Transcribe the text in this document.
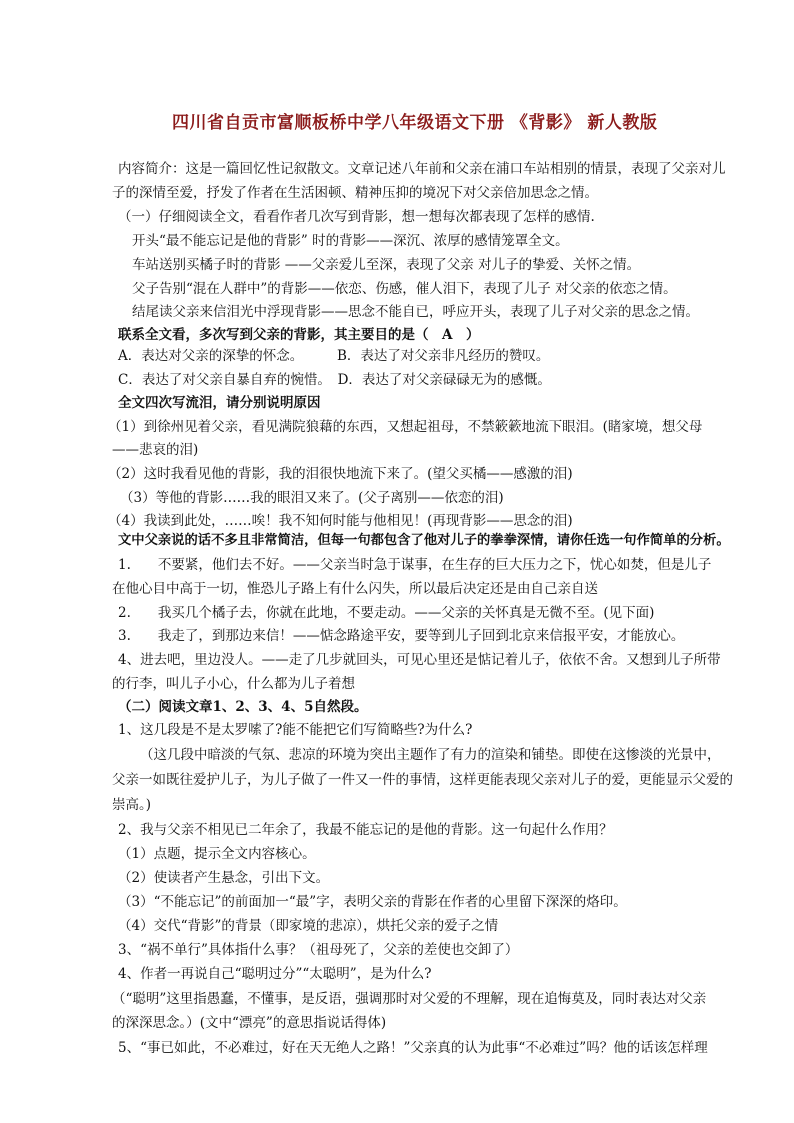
四川省自贡市富顺板桥中学八年级语文下册 《背影》 新人教版
内容简介：这是一篇回忆性记叙散文。文章记述八年前和父亲在浦口车站相别的情景，表现了父亲对儿
子的深情至爱，抒发了作者在生活困顿、精神压抑的境况下对父亲倍加思念之情。
（一）仔细阅读全文，看看作者几次写到背影，想一想每次都表现了怎样的感情.
开头“最不能忘记是他的背影” 时的背影——深沉、浓厚的感情笼罩全文。
车站送别买橘子时的背影 ——父亲爱儿至深，表现了父亲 对儿子的挚爱、关怀之情。
父子告别“混在人群中”的背影——依恋、伤感，催人泪下，表现了儿子 对父亲的依恋之情。
结尾读父亲来信泪光中浮现背影——思念不能自已，呼应开头，表现了儿子对父亲的思念之情。
联系全文看，多次写到父亲的背影，其主要目的是（　A　）
A．表达对父亲的深挚的怀念。　　　B．表达了对父亲非凡经历的赞叹。
C．表达了对父亲自暴自弃的惋惜。　D．表达了对父亲碌碌无为的感慨。
全文四次写流泪，请分别说明原因
（1）到徐州见着父亲，看见满院狼藉的东西，又想起祖母，不禁簌簌地流下眼泪。(睹家境，想父母
——悲哀的泪)
（2）这时我看见他的背影，我的泪很快地流下来了。(望父买橘——感激的泪)
（3）等他的背影……我的眼泪又来了。(父子离别——依恋的泪)
（4）我读到此处，……唉！我不知何时能与他相见！(再现背影——思念的泪)
文中父亲说的话不多且非常简洁，但每一句都包含了他对儿子的拳拳深情，请你任选一句作简单的分析。
1.　　不要紧，他们去不好。——父亲当时急于谋事，在生存的巨大压力之下，忧心如焚，但是儿子
在他心目中高于一切，惟恐儿子路上有什么闪失，所以最后决定还是由自己亲自送
2.　　我买几个橘子去，你就在此地，不要走动。——父亲的关怀真是无微不至。(见下面)
3.　　我走了，到那边来信！——惦念路途平安，要等到儿子回到北京来信报平安，才能放心。
4、进去吧，里边没人。——走了几步就回头，可见心里还是惦记着儿子，依依不舍。又想到儿子所带
的行李，叫儿子小心，什么都为儿子着想
（二）阅读文章1、2、3、4、5自然段。
1、这几段是不是太罗嗦了?能不能把它们写简略些?为什么?
（这几段中暗淡的气氛、悲凉的环境为突出主题作了有力的渲染和铺垫。即使在这惨淡的光景中，
父亲一如既往爱护儿子，为儿子做了一件又一件的事情，这样更能表现父亲对儿子的爱，更能显示父爱的
崇高。)
2、我与父亲不相见已二年余了，我最不能忘记的是他的背影。这一句起什么作用？
（1）点题，提示全文内容核心。
（2）使读者产生悬念，引出下文。
（3）“不能忘记”的前面加一“最”字，表明父亲的背影在作者的心里留下深深的烙印。
（4）交代“背影”的背景（即家境的悲凉），烘托父亲的爱子之情
3、“祸不单行”具体指什么事？（祖母死了，父亲的差使也交卸了）
4、作者一再说自己“聪明过分”“太聪明”，是为什么?
（“聪明”这里指愚蠢，不懂事，是反语，强调那时对父爱的不理解，现在追悔莫及，同时表达对父亲
的深深思念。）(文中“漂亮”的意思指说话得体)
5、“事已如此，不必难过，好在天无绝人之路！”父亲真的认为此事“不必难过”吗？他的话该怎样理
